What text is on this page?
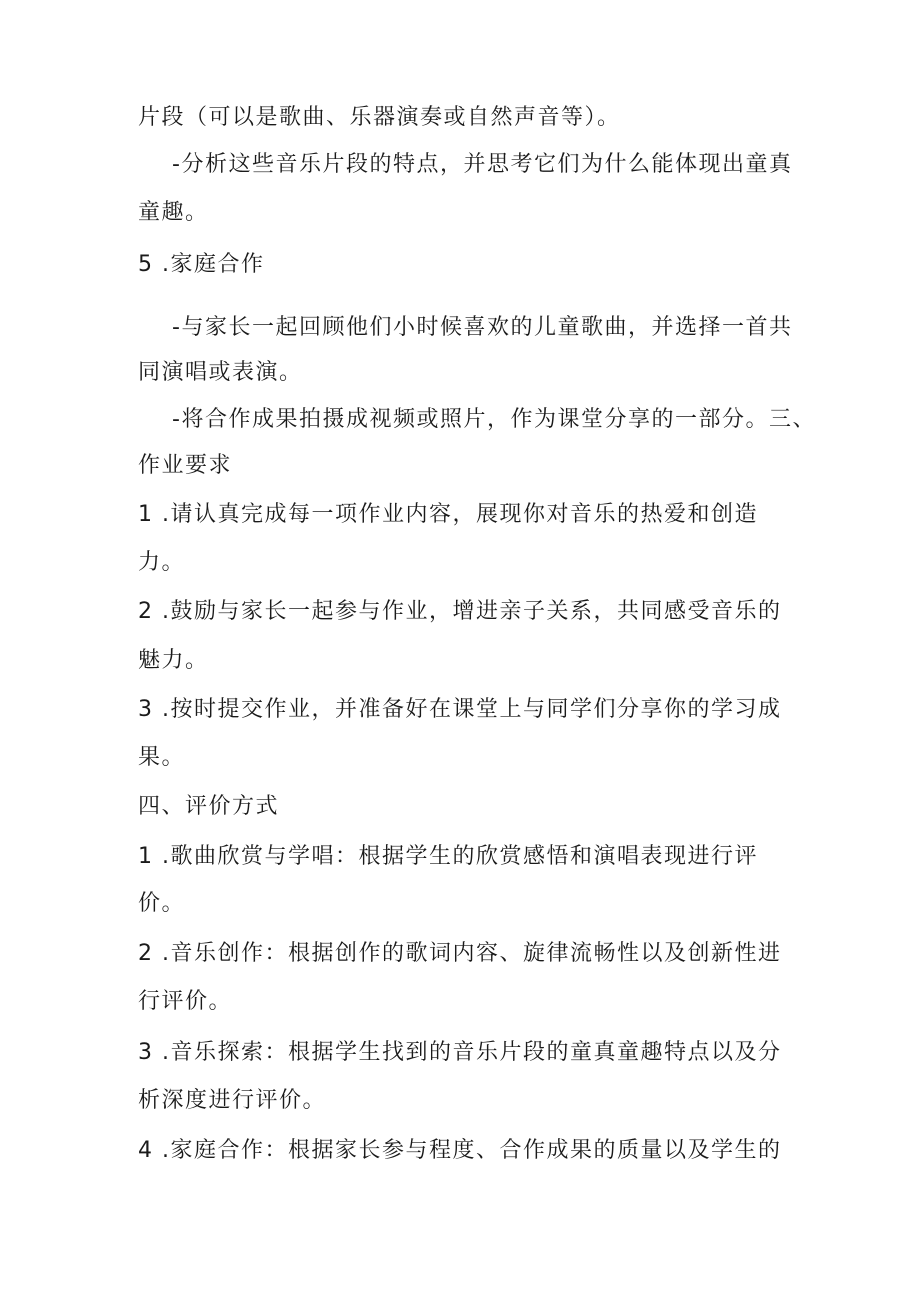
片段（可以是歌曲、乐器演奏或自然声音等）。
-分析这些音乐片段的特点，并思考它们为什么能体现出童真
童趣。
5 .家庭合作
-与家长一起回顾他们小时候喜欢的儿童歌曲，并选择一首共
同演唱或表演。
-将合作成果拍摄成视频或照片，作为课堂分享的一部分。三、
作业要求
1 .请认真完成每一项作业内容，展现你对音乐的热爱和创造
力。
2 .鼓励与家长一起参与作业，增进亲子关系，共同感受音乐的
魅力。
3 .按时提交作业，并准备好在课堂上与同学们分享你的学习成
果。
四、评价方式
1 .歌曲欣赏与学唱：根据学生的欣赏感悟和演唱表现进行评
价。
2 .音乐创作：根据创作的歌词内容、旋律流畅性以及创新性进
行评价。
3 .音乐探索：根据学生找到的音乐片段的童真童趣特点以及分
析深度进行评价。
4 .家庭合作：根据家长参与程度、合作成果的质量以及学生的
